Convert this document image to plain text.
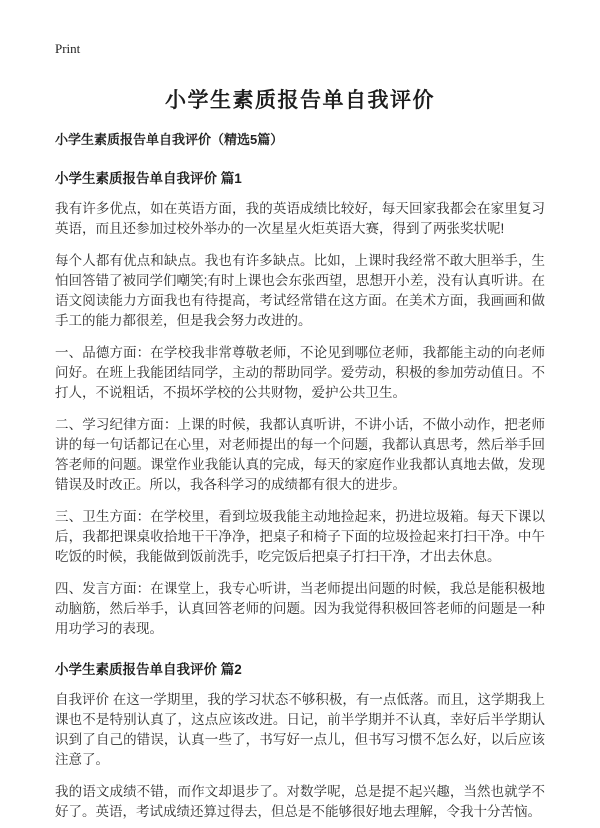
Print
小学生素质报告单自我评价
小学生素质报告单自我评价（精选5篇）
小学生素质报告单自我评价 篇1

我有许多优点，如在英语方面，我的英语成绩比较好，每天回家我都会在家里复习英语，而且还参加过校外举办的一次星星火炬英语大赛，得到了两张奖状呢!

每个人都有优点和缺点。我也有许多缺点。比如，上课时我经常不敢大胆举手，生怕回答错了被同学们嘲笑;有时上课也会东张西望，思想开小差，没有认真听讲。在语文阅读能力方面我也有待提高，考试经常错在这方面。在美术方面，我画画和做手工的能力都很差，但是我会努力改进的。

一、品德方面：在学校我非常尊敬老师，不论见到哪位老师，我都能主动的向老师问好。在班上我能团结同学，主动的帮助同学。爱劳动，积极的参加劳动值日。不打人，不说粗话，不损坏学校的公共财物，爱护公共卫生。

二、学习纪律方面：上课的时候，我都认真听讲，不讲小话，不做小动作，把老师讲的每一句话都记在心里，对老师提出的每一个问题，我都认真思考，然后举手回答老师的问题。课堂作业我能认真的完成，每天的家庭作业我都认真地去做，发现错误及时改正。所以，我各科学习的成绩都有很大的进步。

三、卫生方面：在学校里，看到垃圾我能主动地捡起来，扔进垃圾箱。每天下课以后，我都把课桌收拾地干干净净，把桌子和椅子下面的垃圾捡起来打扫干净。中午吃饭的时候，我能做到饭前洗手，吃完饭后把桌子打扫干净，才出去休息。

四、发言方面：在课堂上，我专心听讲，当老师提出问题的时候，我总是能积极地动脑筋，然后举手，认真回答老师的问题。因为我觉得积极回答老师的问题是一种用功学习的表现。

小学生素质报告单自我评价 篇2

自我评价 在这一学期里，我的学习状态不够积极，有一点低落。而且，这学期我上课也不是特别认真了，这点应该改进。日记，前半学期并不认真，幸好后半学期认识到了自己的错误，认真一些了，书写好一点儿，但书写习惯不怎么好，以后应该注意了。

我的语文成绩不错，而作文却退步了。对数学呢，总是提不起兴趣，当然也就学不好了。英语，考试成绩还算过得去，但总是不能够很好地去理解，令我十分苦恼。
